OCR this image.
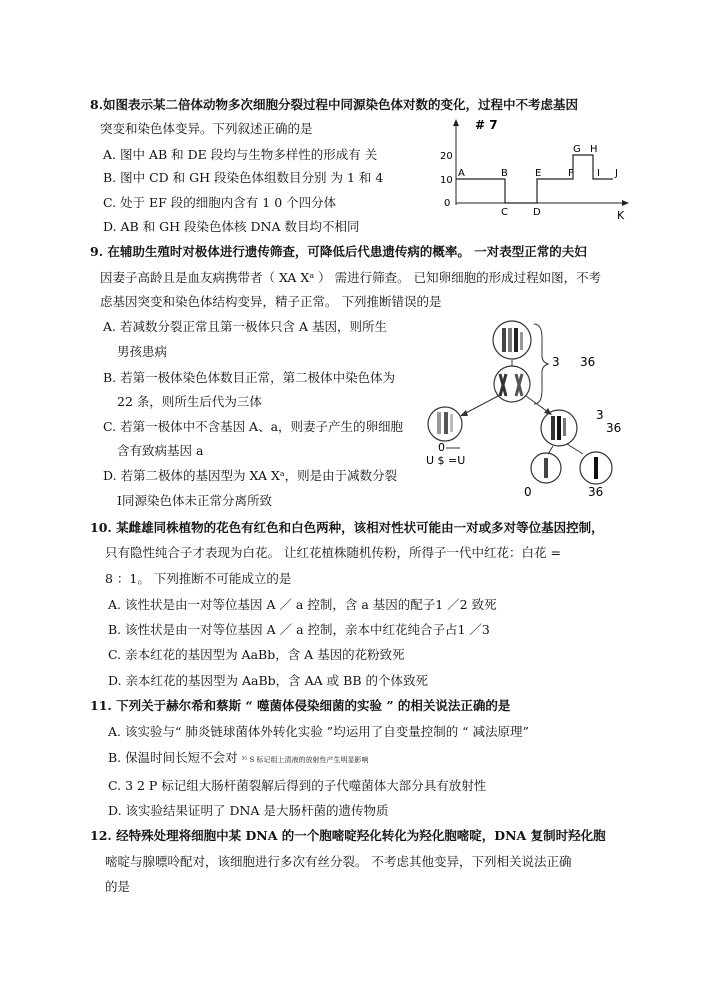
8.如图表示某二倍体动物多次细胞分裂过程中同源染色体对数的变化，过程中不考虑基因
突变和染色体变异。下列叙述正确的是
A. 图中 AB 和 DE 段均与生物多样性的形成有 关
B. 图中 CD 和 GH 段染色体组数目分别 为 1 和 4
C. 处于 EF 段的细胞内含有 1 0 个四分体
D. AB 和 GH 段染色体核 DNA 数目均不相同
# 7
20
10
0
A	B
C	D
E	F
G H
I J
K
9. 在辅助生殖时对极体进行遗传筛查，可降低后代患遗传病的概率。 一对表型正常的夫妇
因妻子高龄且是血友病携带者（ XA Xᵃ ） 需进行筛查。 已知卵细胞的形成过程如图，不考
虑基因突变和染色体结构变异，精子正常。 下列推断错误的是
A. 若减数分裂正常且第一极体只含 A 基因，则所生
男孩患病
B. 若第一极体染色体数目正常，第二极体中染色体为
22 条，则所生后代为三体
C. 若第一极体中不含基因 A、a，则妻子产生的卵细胞
含有致病基因 a
D. 若第二极体的基因型为 XA Xᵃ，则是由于减数分裂
Ⅰ同源染色体未正常分离所致
3 36
3
36
0
U $ =U
0	36
10. 某雌雄同株植物的花色有红色和白色两种，该相对性状可能由一对或多对等位基因控制，
只有隐性纯合子才表现为白花。 让红花植株随机传粉，所得子一代中红花：白花 =
8 ：1。 下列推断不可能成立的是
A. 该性状是由一对等位基因 A ／ a 控制，含 a 基因的配子1 ／2 致死
B. 该性状是由一对等位基因 A ／ a 控制，亲本中红花纯合子占1 ／3
C. 亲本红花的基因型为 AaBb，含 A 基因的花粉致死
D. 亲本红花的基因型为 AaBb，含 AA 或 BB 的个体致死
11. 下列关于赫尔希和蔡斯 “ 噬菌体侵染细菌的实验 ” 的相关说法正确的是
A. 该实验与“ 肺炎链球菌体外转化实验 ”均运用了自变量控制的 “ 减法原理”
B. 保温时间长短不会对 ³⁵ S 标记组上清液的放射性产生明显影响
C. 3 2 P 标记组大肠杆菌裂解后得到的子代噬菌体大部分具有放射性
D. 该实验结果证明了 DNA 是大肠杆菌的遗传物质
12. 经特殊处理将细胞中某 DNA 的一个胞嘧啶羟化转化为羟化胞嘧啶，DNA 复制时羟化胞
嘧啶与腺嘌呤配对，该细胞进行多次有丝分裂。 不考虑其他变异，下列相关说法正确
的是
